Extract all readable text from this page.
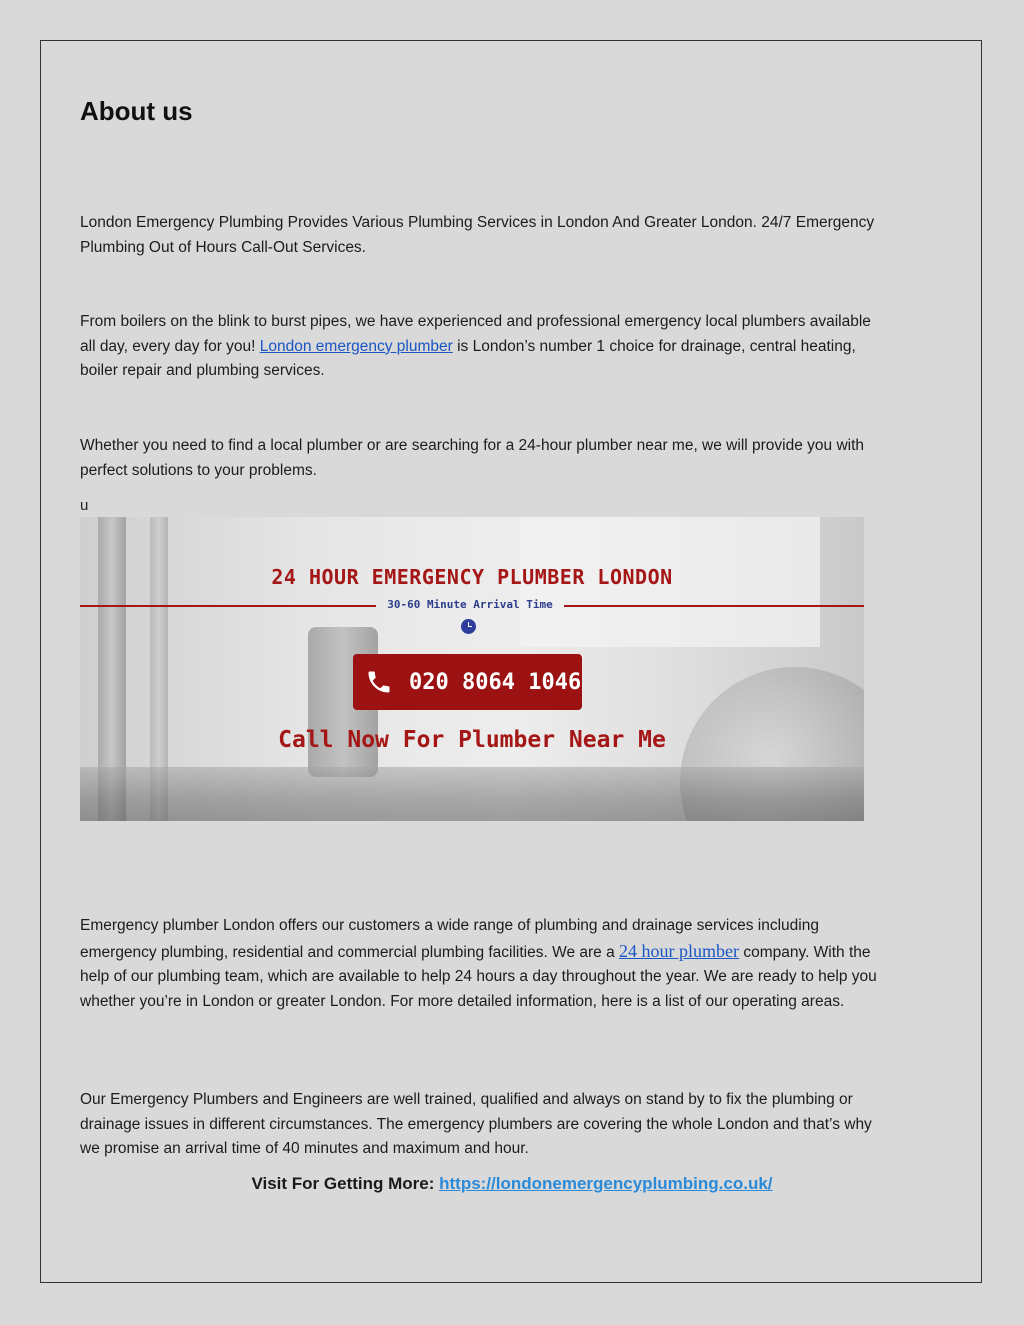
About us

London Emergency Plumbing Provides Various Plumbing Services in London And Greater London. 24/7 Emergency Plumbing Out of Hours Call-Out Services.

From boilers on the blink to burst pipes, we have experienced and professional emergency local plumbers available all day, every day for you! London emergency plumber is London’s number 1 choice for drainage, central heating, boiler repair and plumbing services.

Whether you need to find a local plumber or are searching for a 24-hour plumber near me, we will provide you with perfect solutions to your problems.

u
24 HOUR EMERGENCY PLUMBER LONDON
30-60 Minute Arrival Time
020 8064 1046
Call Now For Plumber Near Me

Emergency plumber London offers our customers a wide range of plumbing and drainage services including emergency plumbing, residential and commercial plumbing facilities. We are a 24 hour plumber company. With the help of our plumbing team, which are available to help 24 hours a day throughout the year. We are ready to help you whether you’re in London or greater London. For more detailed information, here is a list of our operating areas.

Our Emergency Plumbers and Engineers are well trained, qualified and always on stand by to fix the plumbing or drainage issues in different circumstances. The emergency plumbers are covering the whole London and that’s why we promise an arrival time of 40 minutes and maximum and hour.

Visit For Getting More: https://londonemergencyplumbing.co.uk/
